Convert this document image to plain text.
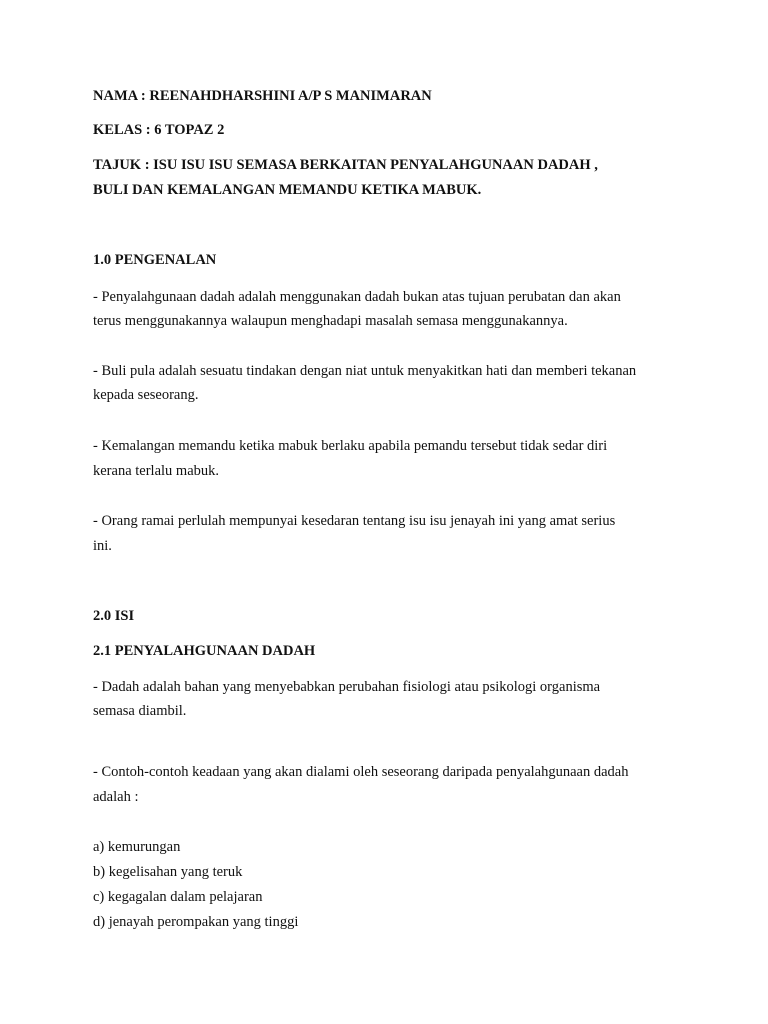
NAMA : REENAHDHARSHINI A/P S MANIMARAN
KELAS : 6 TOPAZ 2
TAJUK : ISU ISU ISU SEMASA BERKAITAN PENYALAHGUNAAN DADAH ,
BULI DAN KEMALANGAN MEMANDU KETIKA MABUK.
1.0 PENGENALAN
- Penyalahgunaan dadah adalah menggunakan dadah bukan atas tujuan perubatan dan akan
terus menggunakannya walaupun menghadapi masalah semasa menggunakannya.
- Buli pula adalah sesuatu tindakan dengan niat untuk menyakitkan hati dan memberi tekanan
kepada seseorang.
- Kemalangan memandu ketika mabuk berlaku apabila pemandu tersebut tidak sedar diri
kerana terlalu mabuk.
- Orang ramai perlulah mempunyai kesedaran tentang isu isu jenayah ini yang amat serius
ini.
2.0 ISI
2.1 PENYALAHGUNAAN DADAH
- Dadah adalah bahan yang menyebabkan perubahan fisiologi atau psikologi organisma
semasa diambil.
- Contoh-contoh keadaan yang akan dialami oleh seseorang daripada penyalahgunaan dadah
adalah :
a) kemurungan
b) kegelisahan yang teruk
c) kegagalan dalam pelajaran
d) jenayah perompakan yang tinggi
